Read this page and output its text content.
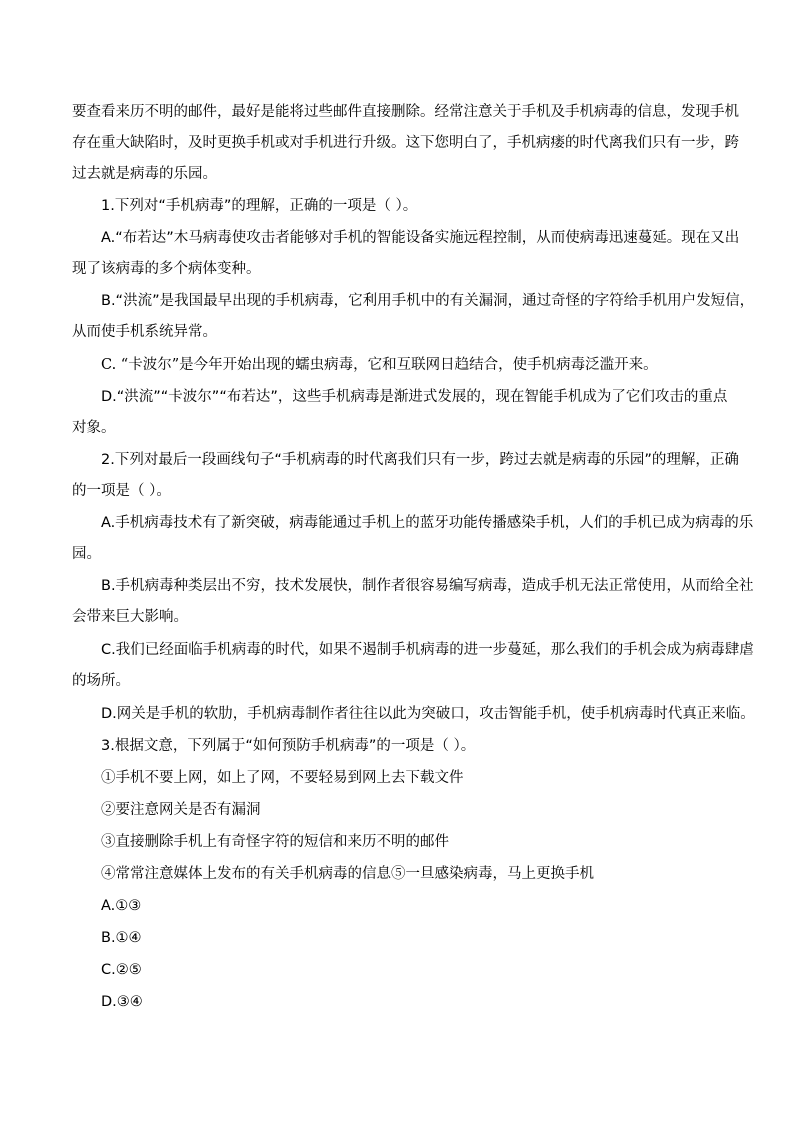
要查看来历不明的邮件，最好是能将过些邮件直接删除。经常注意关于手机及手机病毒的信息，发现手机
存在重大缺陷时，及时更换手机或对手机进行升级。这下您明白了，手机病瘘的时代离我们只有一步，跨
过去就是病毒的乐园。
1.下列对“手机病毒”的理解，正确的一项是（ ）。
A.“布若达”木马病毒使攻击者能够对手机的智能设备实施远程控制，从而使病毒迅速蔓延。现在又出
现了该病毒的多个病体变种。
B.“洪流”是我国最早出现的手机病毒，它利用手机中的有关漏洞，通过奇怪的字符给手机用户发短信，
从而使手机系统异常。
C. “卡波尔”是今年开始出现的蠕虫病毒，它和互联网日趋结合，使手机病毒泛滥开来。
D.“洪流”“卡波尔”“布若达”，这些手机病毒是渐进式发展的，现在智能手机成为了它们攻击的重点
对象。
2.下列对最后一段画线句子“手机病毒的时代离我们只有一步，跨过去就是病毒的乐园”的理解，正确
的一项是（ ）。
A.手机病毒技术有了新突破，病毒能通过手机上的蓝牙功能传播感染手机，人们的手机已成为病毒的乐
园。
B.手机病毒种类层出不穷，技术发展快，制作者很容易编写病毒，造成手机无法正常使用，从而给全社
会带来巨大影响。
C.我们已经面临手机病毒的时代，如果不遏制手机病毒的进一步蔓延，那么我们的手机会成为病毒肆虐
的场所。
D.网关是手机的软肋，手机病毒制作者往往以此为突破口，攻击智能手机，使手机病毒时代真正来临。
3.根据文意，下列属于“如何预防手机病毒”的一项是（ ）。
①手机不要上网，如上了网，不要轻易到网上去下载文件
②要注意网关是否有漏洞
③直接删除手机上有奇怪字符的短信和来历不明的邮件
④常常注意媒体上发布的有关手机病毒的信息⑤一旦感染病毒，马上更换手机
A.①③
B.①④
C.②⑤
D.③④
